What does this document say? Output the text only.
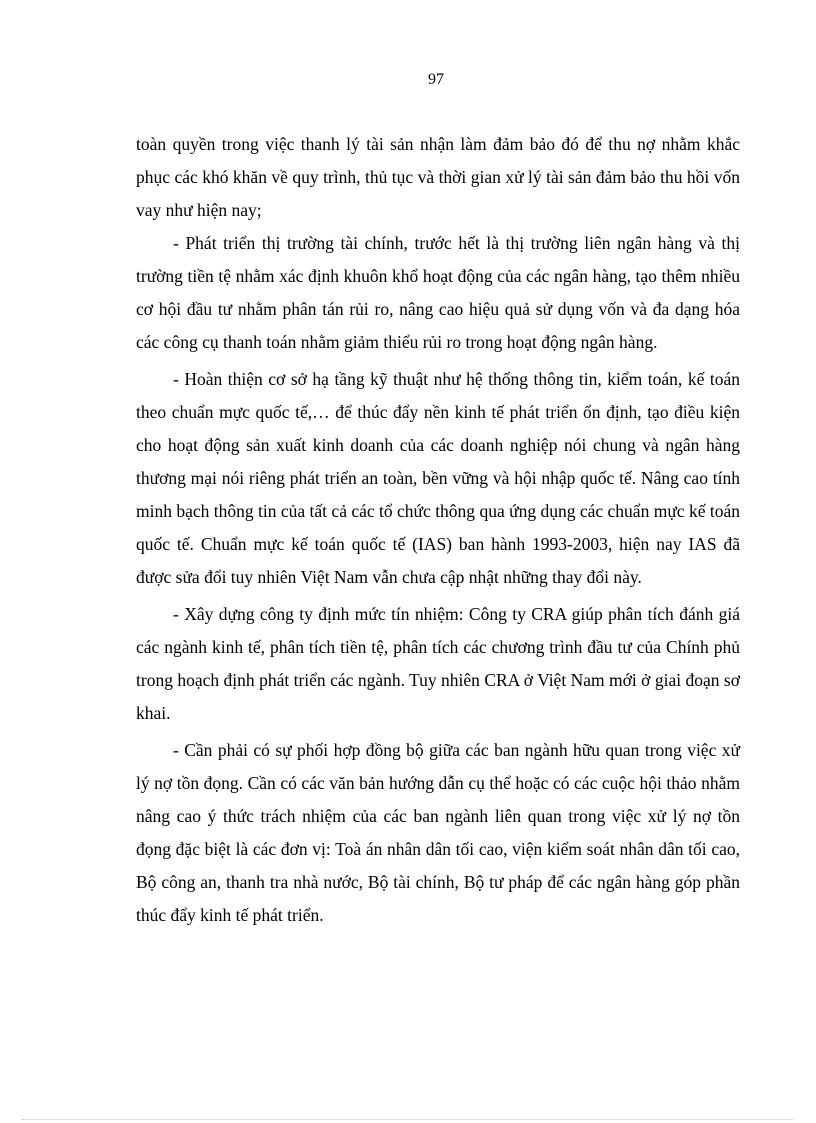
97

toàn quyền trong việc thanh lý tài sản nhận làm đảm bảo đó để thu nợ nhằm khắc phục các khó khăn về quy trình, thủ tục và thời gian xử lý tài sản đảm bảo thu hồi vốn vay như hiện nay;

- Phát triển thị trường tài chính, trước hết là thị trường liên ngân hàng và thị trường tiền tệ nhằm xác định khuôn khổ hoạt động của các ngân hàng, tạo thêm nhiều cơ hội đầu tư nhằm phân tán rủi ro, nâng cao hiệu quả sử dụng vốn và đa dạng hóa các công cụ thanh toán nhằm giảm thiểu rủi ro trong hoạt động ngân hàng.

- Hoàn thiện cơ sở hạ tầng kỹ thuật như hệ thống thông tin, kiểm toán, kế toán theo chuẩn mực quốc tế,… để thúc đẩy nền kinh tế phát triển ổn định, tạo điều kiện cho hoạt động sản xuất kinh doanh của các doanh nghiệp nói chung và ngân hàng thương mại nói riêng phát triển an toàn, bền vững và hội nhập quốc tế. Nâng cao tính minh bạch thông tin của tất cả các tổ chức thông qua ứng dụng các chuẩn mực kế toán quốc tế. Chuẩn mực kế toán quốc tế (IAS) ban hành 1993-2003, hiện nay IAS đã được sửa đổi tuy nhiên Việt Nam vẫn chưa cập nhật những thay đổi này.

- Xây dựng công ty định mức tín nhiệm: Công ty CRA giúp phân tích đánh giá các ngành kinh tế, phân tích tiền tệ, phân tích các chương trình đầu tư của Chính phủ trong hoạch định phát triển các ngành. Tuy nhiên CRA ở Việt Nam mới ở giai đoạn sơ khai.

- Cần phải có sự phối hợp đồng bộ giữa các ban ngành hữu quan trong việc xử lý nợ tồn đọng. Cần có các văn bản hướng dẫn cụ thể hoặc có các cuộc hội thảo nhằm nâng cao ý thức trách nhiệm của các ban ngành liên quan trong việc xử lý nợ tồn đọng đặc biệt là các đơn vị: Toà án nhân dân tối cao, viện kiểm soát nhân dân tối cao, Bộ công an, thanh tra nhà nước, Bộ tài chính, Bộ tư pháp để các ngân hàng góp phần thúc đẩy kinh tế phát triển.
